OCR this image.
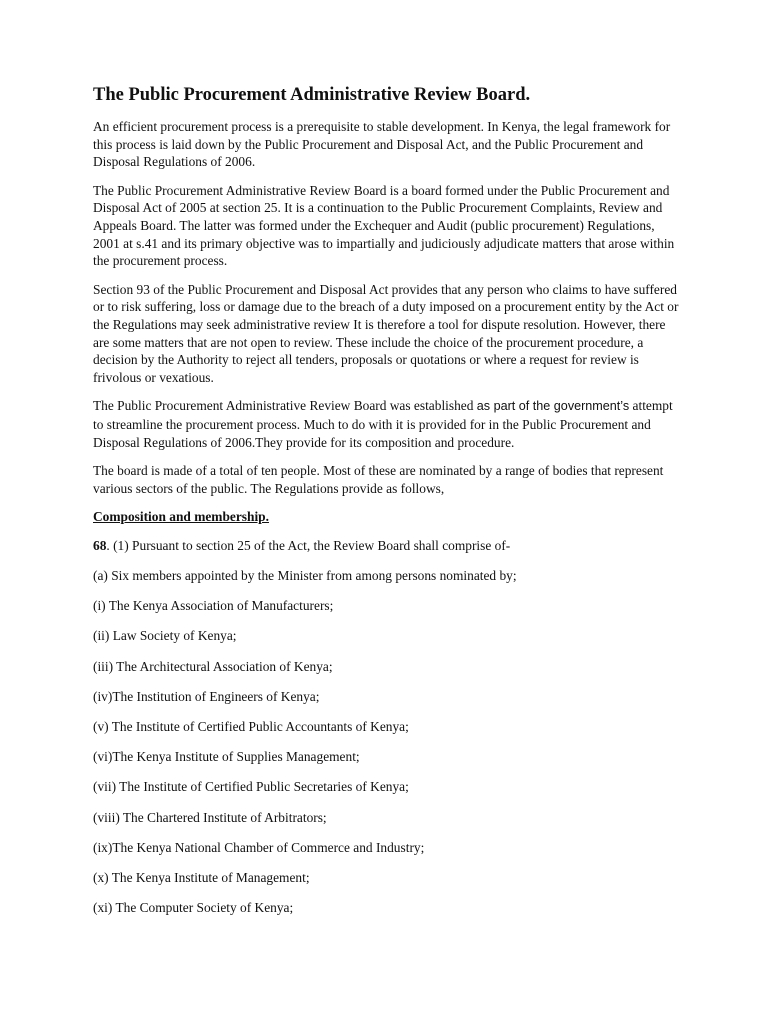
The Public Procurement Administrative Review Board.

An efficient procurement process is a prerequisite to stable development. In Kenya, the legal framework for this process is laid down by the Public Procurement and Disposal Act, and the Public Procurement and Disposal Regulations of 2006.

The Public Procurement Administrative Review Board is a board formed under the Public Procurement and Disposal Act of 2005 at section 25. It is a continuation to the Public Procurement Complaints, Review and Appeals Board. The latter was formed under the Exchequer and Audit (public procurement) Regulations, 2001 at s.41 and its primary objective was to impartially and judiciously adjudicate matters that arose within the procurement process.

Section 93 of the Public Procurement and Disposal Act provides that any person who claims to have suffered or to risk suffering, loss or damage due to the breach of a duty imposed on a procurement entity by the Act or the Regulations may seek administrative review It is therefore a tool for dispute resolution. However, there are some matters that are not open to review. These include the choice of the procurement procedure, a decision by the Authority to reject all tenders, proposals or quotations or where a request for review is frivolous or vexatious.

The Public Procurement Administrative Review Board was established as part of the government’s attempt to streamline the procurement process. Much to do with it is provided for in the Public Procurement and Disposal Regulations of 2006.They provide for its composition and procedure.

The board is made of a total of ten people. Most of these are nominated by a range of bodies that represent various sectors of the public. The Regulations provide as follows,

Composition and membership.

68. (1) Pursuant to section 25 of the Act, the Review Board shall comprise of-

(a) Six members appointed by the Minister from among persons nominated by;

(i) The Kenya Association of Manufacturers;

(ii) Law Society of Kenya;

(iii) The Architectural Association of Kenya;

(iv)The Institution of Engineers of Kenya;

(v) The Institute of Certified Public Accountants of Kenya;

(vi)The Kenya Institute of Supplies Management;

(vii) The Institute of Certified Public Secretaries of Kenya;

(viii) The Chartered Institute of Arbitrators;

(ix)The Kenya National Chamber of Commerce and Industry;

(x) The Kenya Institute of Management;

(xi) The Computer Society of Kenya;
